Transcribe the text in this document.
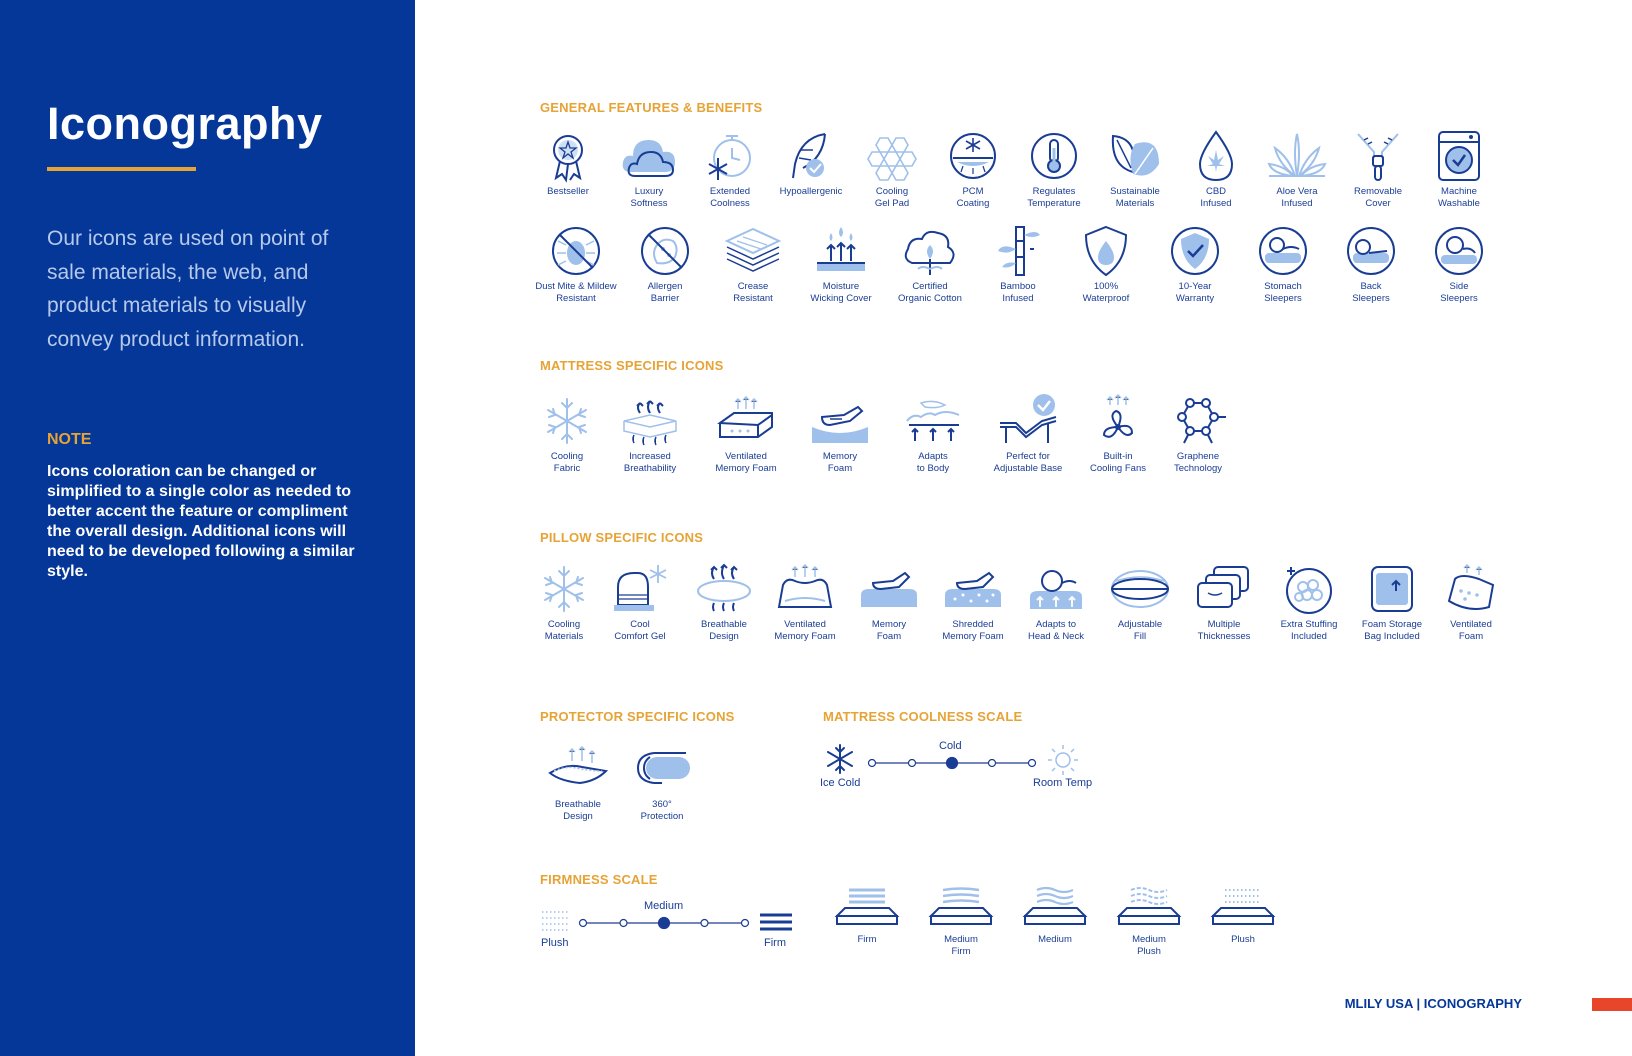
Iconography
Our icons are used on point of sale materials, the web, and product materials to visually convey product information.
NOTE
Icons coloration can be changed or simplified to a single color as needed to better accent the feature or compliment the overall design. Additional icons will need to be developed following a similar style.
GENERAL FEATURES & BENEFITS
MATTRESS SPECIFIC ICONS
PILLOW SPECIFIC ICONS
PROTECTOR SPECIFIC ICONS	MATTRESS COOLNESS SCALE
FIRMNESS SCALE
Bestseller	Luxury
Softness
Extended
Coolness
Hypoallergenic	Cooling
Gel Pad
PCM
Coating
Regulates
Temperature
Sustainable
Materials
CBD
Infused
Aloe Vera
Infused
Removable
Cover
Machine
Washable
Dust Mite & Mildew
Resistant
Allergen
Barrier
Crease
Resistant
Moisture
Wicking Cover
Certified
Organic Cotton
Bamboo
Infused
100%
Waterproof
10-Year
Warranty
Stomach
Sleepers
Back
Sleepers
Side
Sleepers
Cooling
Fabric
Increased
Breathability
Ventilated
Memory Foam
Memory
Foam
Adapts
to Body
Perfect for
Adjustable Base
Built-in
Cooling Fans
Graphene
Technology
Cooling
Materials
Cool
Comfort Gel
Breathable
Design
Ventilated
Memory Foam
Memory
Foam
Shredded
Memory Foam
Adapts to
Head & Neck
Adjustable
Fill
Multiple
Thicknesses
Extra Stuffing
Included
Foam Storage
Bag Included
Ventilated
Foam
Breathable
Design
360°
Protection
Ice Cold
Cold
Room Temp
Plush
Medium
Firm	Firm	Medium
Firm
Medium	Medium
Plush
Plush
MLILY USA | ICONOGRAPHY
